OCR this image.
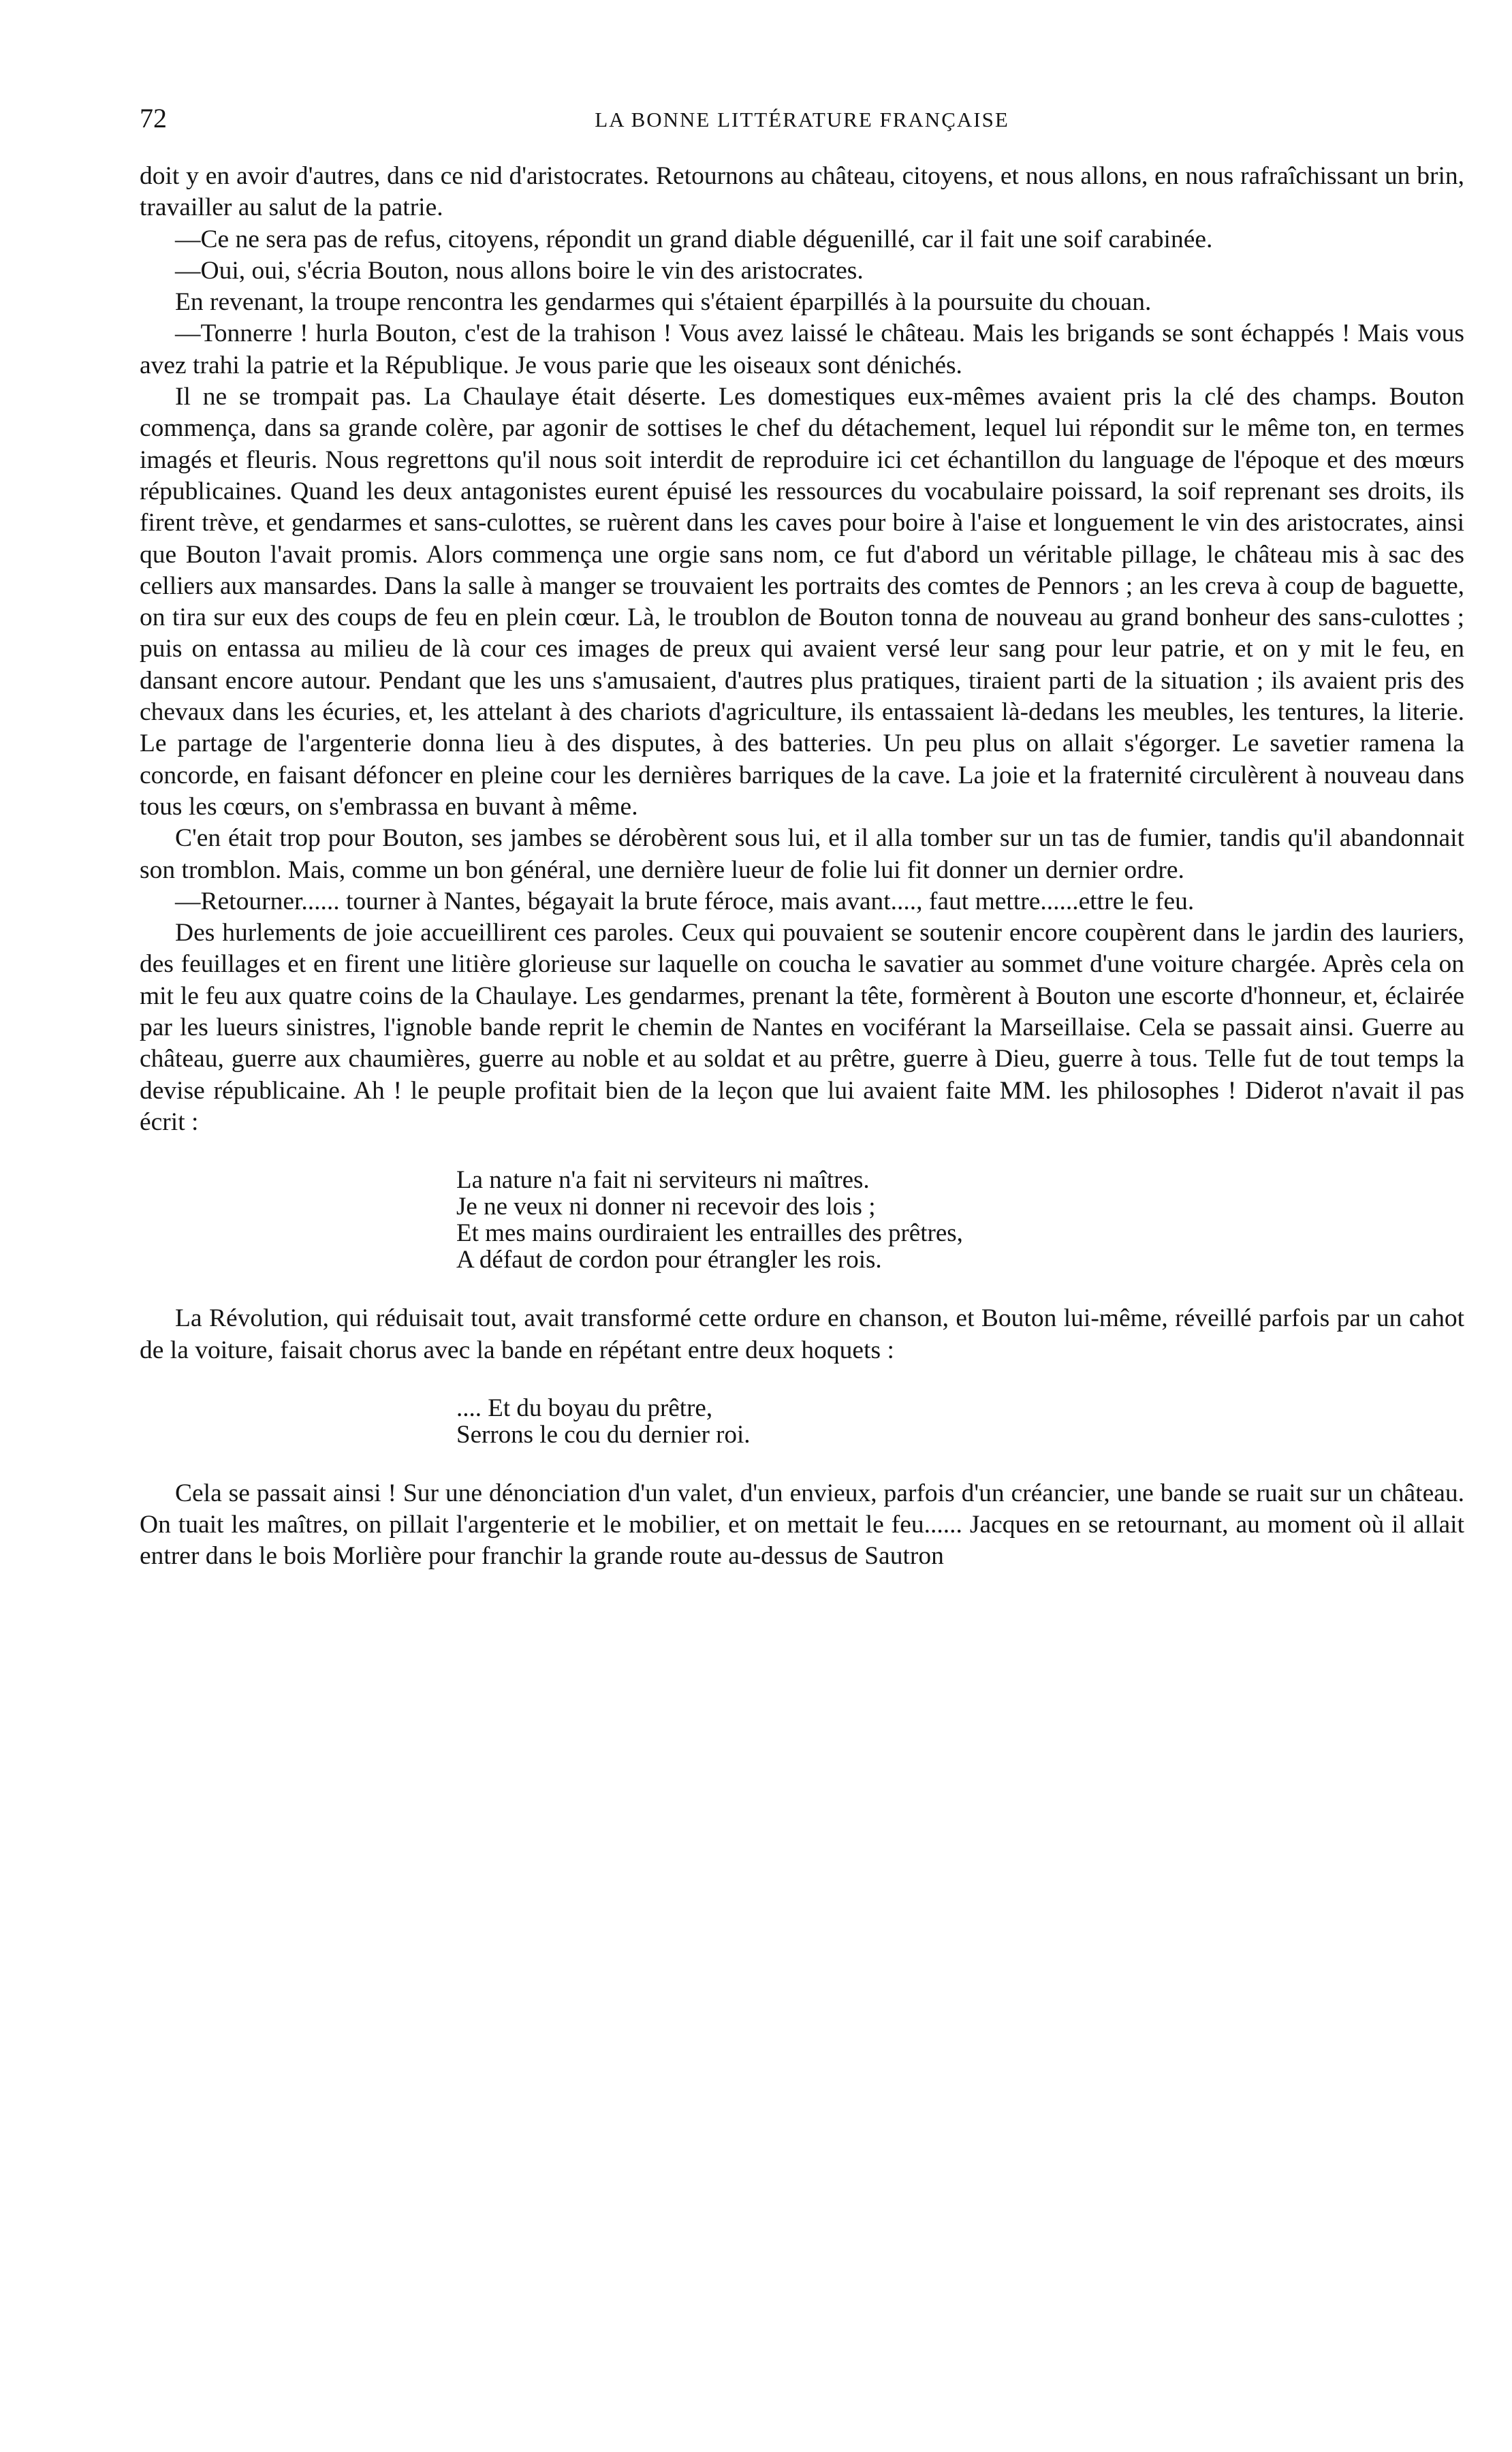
72	LA BONNE LITTÉRATURE FRANÇAISE

doit y en avoir d'autres, dans ce nid d'aristocrates. Retournons au château, citoyens, et nous allons, en nous rafraîchissant un brin, travailler au salut de la patrie.

—Ce ne sera pas de refus, citoyens, répondit un grand diable déguenillé, car il fait une soif carabinée.

—Oui, oui, s'écria Bouton, nous allons boire le vin des aristocrates.

En revenant, la troupe rencontra les gendarmes qui s'étaient éparpillés à la poursuite du chouan.

—Tonnerre ! hurla Bouton, c'est de la trahison ! Vous avez laissé le château. Mais les brigands se sont échappés ! Mais vous avez trahi la patrie et la République. Je vous parie que les oiseaux sont dénichés.

Il ne se trompait pas. La Chaulaye était déserte. Les domestiques eux-mêmes avaient pris la clé des champs. Bouton commença, dans sa grande colère, par agonir de sottises le chef du détachement, lequel lui répondit sur le même ton, en termes imagés et fleuris. Nous regrettons qu'il nous soit interdit de reproduire ici cet échantillon du language de l'époque et des mœurs républicaines. Quand les deux antagonistes eurent épuisé les ressources du vocabulaire poissard, la soif reprenant ses droits, ils firent trève, et gendarmes et sans-culottes, se ruèrent dans les caves pour boire à l'aise et longuement le vin des aristocrates, ainsi que Bouton l'avait promis. Alors commença une orgie sans nom, ce fut d'abord un véritable pillage, le château mis à sac des celliers aux mansardes. Dans la salle à manger se trouvaient les portraits des comtes de Pennors ; an les creva à coup de baguette, on tira sur eux des coups de feu en plein cœur. Là, le troublon de Bouton tonna de nouveau au grand bonheur des sans-culottes ; puis on entassa au milieu de là cour ces images de preux qui avaient versé leur sang pour leur patrie, et on y mit le feu, en dansant encore autour. Pendant que les uns s'amusaient, d'autres plus pratiques, tiraient parti de la situation ; ils avaient pris des chevaux dans les écuries, et, les attelant à des chariots d'agriculture, ils entassaient là-dedans les meubles, les tentures, la literie. Le partage de l'argenterie donna lieu à des disputes, à des batteries. Un peu plus on allait s'égorger. Le savetier ramena la concorde, en faisant défoncer en pleine cour les dernières barriques de la cave. La joie et la fraternité circulèrent à nouveau dans tous les cœurs, on s'embrassa en buvant à même.

C'en était trop pour Bouton, ses jambes se dérobèrent sous lui, et il alla tomber sur un tas de fumier, tandis qu'il abandonnait son tromblon. Mais, comme un bon général, une dernière lueur de folie lui fit donner un dernier ordre.

—Retourner...... tourner à Nantes, bégayait la brute féroce, mais avant...., faut mettre......ettre le feu.

Des hurlements de joie accueillirent ces paroles. Ceux qui pouvaient se soutenir encore coupèrent dans le jardin des lauriers, des feuillages et en firent une litière glorieuse sur laquelle on coucha le savatier au sommet d'une voiture chargée. Après cela on mit le feu aux quatre coins de la Chaulaye. Les gendarmes, prenant la tête, formèrent à Bouton une escorte d'honneur, et, éclairée par les lueurs sinistres, l'ignoble bande reprit le chemin de Nantes en vociférant la Marseillaise. Cela se passait ainsi. Guerre au château, guerre aux chaumières, guerre au noble et au soldat et au prêtre, guerre à Dieu, guerre à tous. Telle fut de tout temps la devise républicaine. Ah ! le peuple profitait bien de la leçon que lui avaient faite MM. les philosophes ! Diderot n'avait il pas écrit :

La nature n'a fait ni serviteurs ni maîtres.
Je ne veux ni donner ni recevoir des lois ;
Et mes mains ourdiraient les entrailles des prêtres,
A défaut de cordon pour étrangler les rois.

La Révolution, qui réduisait tout, avait transformé cette ordure en chanson, et Bouton lui-même, réveillé parfois par un cahot de la voiture, faisait chorus avec la bande en répétant entre deux hoquets :

.... Et du boyau du prêtre,
Serrons le cou du dernier roi.

Cela se passait ainsi ! Sur une dénonciation d'un valet, d'un envieux, parfois d'un créancier, une bande se ruait sur un château. On tuait les maîtres, on pillait l'argenterie et le mobilier, et on mettait le feu...... Jacques en se retournant, au moment où il allait entrer dans le bois Morlière pour franchir la grande route au-dessus de Sautron
